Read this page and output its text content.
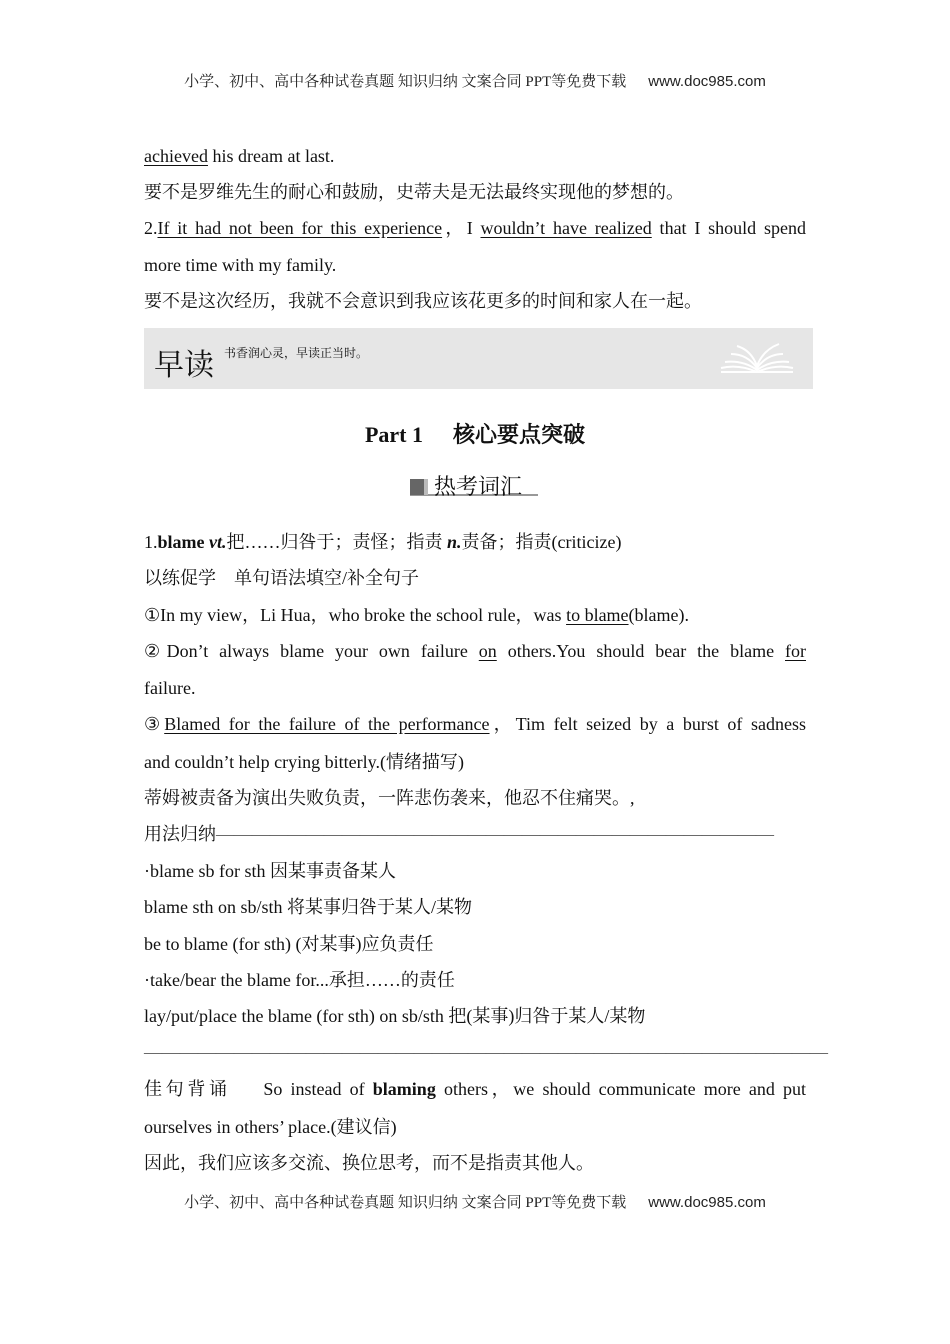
小学、初中、高中各种试卷真题 知识归纳 文案合同 PPT等免费下载 www.doc985.com
achieved his dream at last.
要不是罗维先生的耐心和鼓励，史蒂夫是无法最终实现他的梦想的。
2.If it had not been for this experience，I wouldn’t have realized that I should spend
more time with my family.
要不是这次经历，我就不会意识到我应该花更多的时间和家人在一起。
早读 书香润心灵，早读正当时。
Part 1 核心要点突破
热考词汇
1.blame vt.把……归咎于；责怪；指责 n.责备；指责(criticize)
以练促学 单句语法填空/补全句子
①In my view，Li Hua，who broke the school rule，was to blame(blame).
②Don’t always blame your own failure on others.You should bear the blame for
failure.
③Blamed for the failure of the performance，Tim felt seized by a burst of sadness
and couldn’t help crying bitterly.(情绪描写)
蒂姆被责备为演出失败负责，一阵悲伤袭来，他忍不住痛哭。,
用法归纳———————————————————————————————
·blame sb for sth 因某事责备某人
blame sth on sb/sth 将某事归咎于某人/某物
be to blame (for sth) (对某事)应负责任
·take/bear the blame for...承担……的责任
lay/put/place the blame (for sth) on sb/sth 把(某事)归咎于某人/某物
——————————————————————————————————————
佳句背诵 So instead of blaming others，we should communicate more and put
ourselves in others’ place.(建议信)
因此，我们应该多交流、换位思考，而不是指责其他人。
小学、初中、高中各种试卷真题 知识归纳 文案合同 PPT等免费下载 www.doc985.com
